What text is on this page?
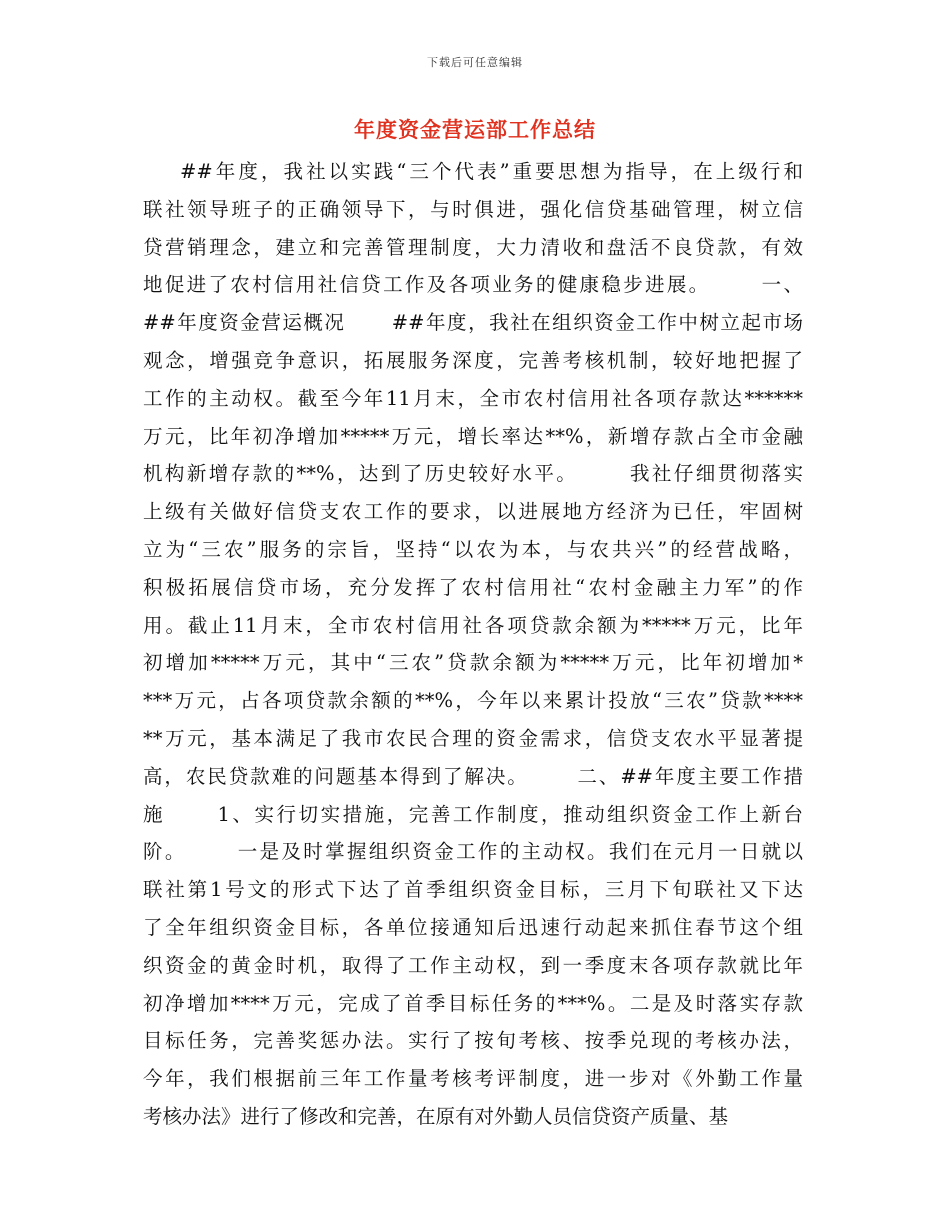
下载后可任意编辑
年度资金营运部工作总结
##年度，我社以实践“三个代表”重要思想为指导，在上级行和
联社领导班子的正确领导下，与时俱进，强化信贷基础管理，树立信
贷营销理念，建立和完善管理制度，大力清收和盘活不良贷款，有效
地促进了农村信用社信贷工作及各项业务的健康稳步进展。      一、
##年度资金营运概况      ##年度，我社在组织资金工作中树立起市场
观念，增强竞争意识，拓展服务深度，完善考核机制，较好地把握了
工作的主动权。截至今年11月末，全市农村信用社各项存款达******
万元，比年初净增加*****万元，增长率达**%，新增存款占全市金融
机构新增存款的**%，达到了历史较好水平。      我社仔细贯彻落实
上级有关做好信贷支农工作的要求，以进展地方经济为已任，牢固树
立为“三农”服务的宗旨，坚持“以农为本，与农共兴”的经营战略，
积极拓展信贷市场，充分发挥了农村信用社“农村金融主力军”的作
用。截止11月末，全市农村信用社各项贷款余额为*****万元，比年
初增加*****万元，其中“三农”贷款余额为*****万元，比年初增加*
***万元，占各项贷款余额的**%，今年以来累计投放“三农”贷款****
**万元，基本满足了我市农民合理的资金需求，信贷支农水平显著提
高，农民贷款难的问题基本得到了解决。      二、##年度主要工作措
施      1、实行切实措施，完善工作制度，推动组织资金工作上新台
阶。      一是及时掌握组织资金工作的主动权。我们在元月一日就以
联社第1号文的形式下达了首季组织资金目标，三月下旬联社又下达
了全年组织资金目标，各单位接通知后迅速行动起来抓住春节这个组
织资金的黄金时机，取得了工作主动权，到一季度末各项存款就比年
初净增加****万元，完成了首季目标任务的***%。二是及时落实存款
目标任务，完善奖惩办法。实行了按旬考核、按季兑现的考核办法，
今年，我们根据前三年工作量考核考评制度，进一步对《外勤工作量
考核办法》进行了修改和完善，在原有对外勤人员信贷资产质量、基
